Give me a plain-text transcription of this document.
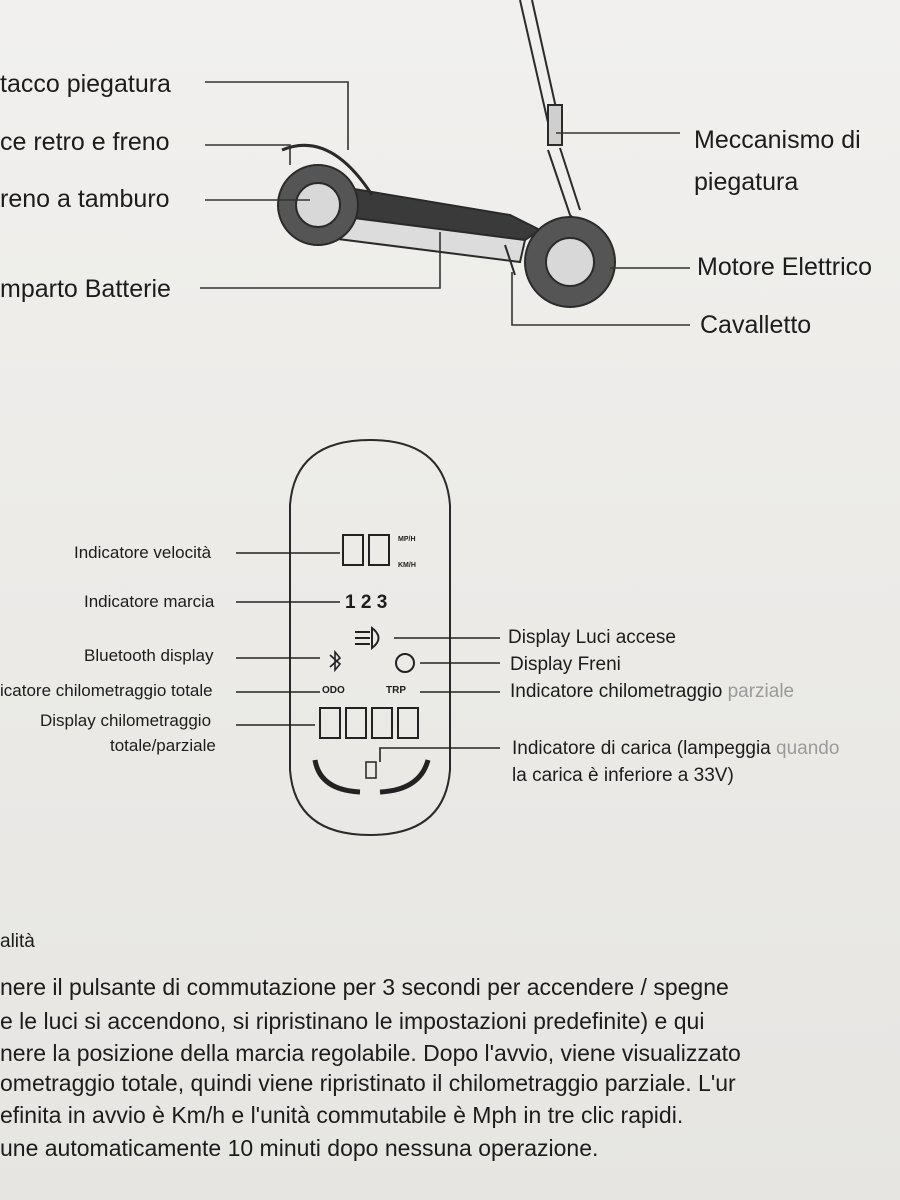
tacco piegatura
ce retro e freno
reno a tamburo
mparto Batterie
Meccanismo di
piegatura
Motore Elettrico
Cavalletto
MP/H
KM/H
1 2 3
ODO	TRP
Indicatore velocità
Indicatore marcia
Bluetooth display
icatore chilometraggio totale
Display chilometraggio
totale/parziale
Display Luci accese
Display Freni
Indicatore chilometraggio parziale
Indicatore di carica (lampeggia quando
la carica è inferiore a 33V)
alità

nere il pulsante di commutazione per 3 secondi per accendere / spegne

e le luci si accendono, si ripristinano le impostazioni predefinite) e qui

nere la posizione della marcia regolabile. Dopo l'avvio, viene visualizzato

ometraggio totale, quindi viene ripristinato il chilometraggio parziale. L'ur

efinita in avvio è Km/h e l'unità commutabile è Mph in tre clic rapidi.

une automaticamente 10 minuti dopo nessuna operazione.
